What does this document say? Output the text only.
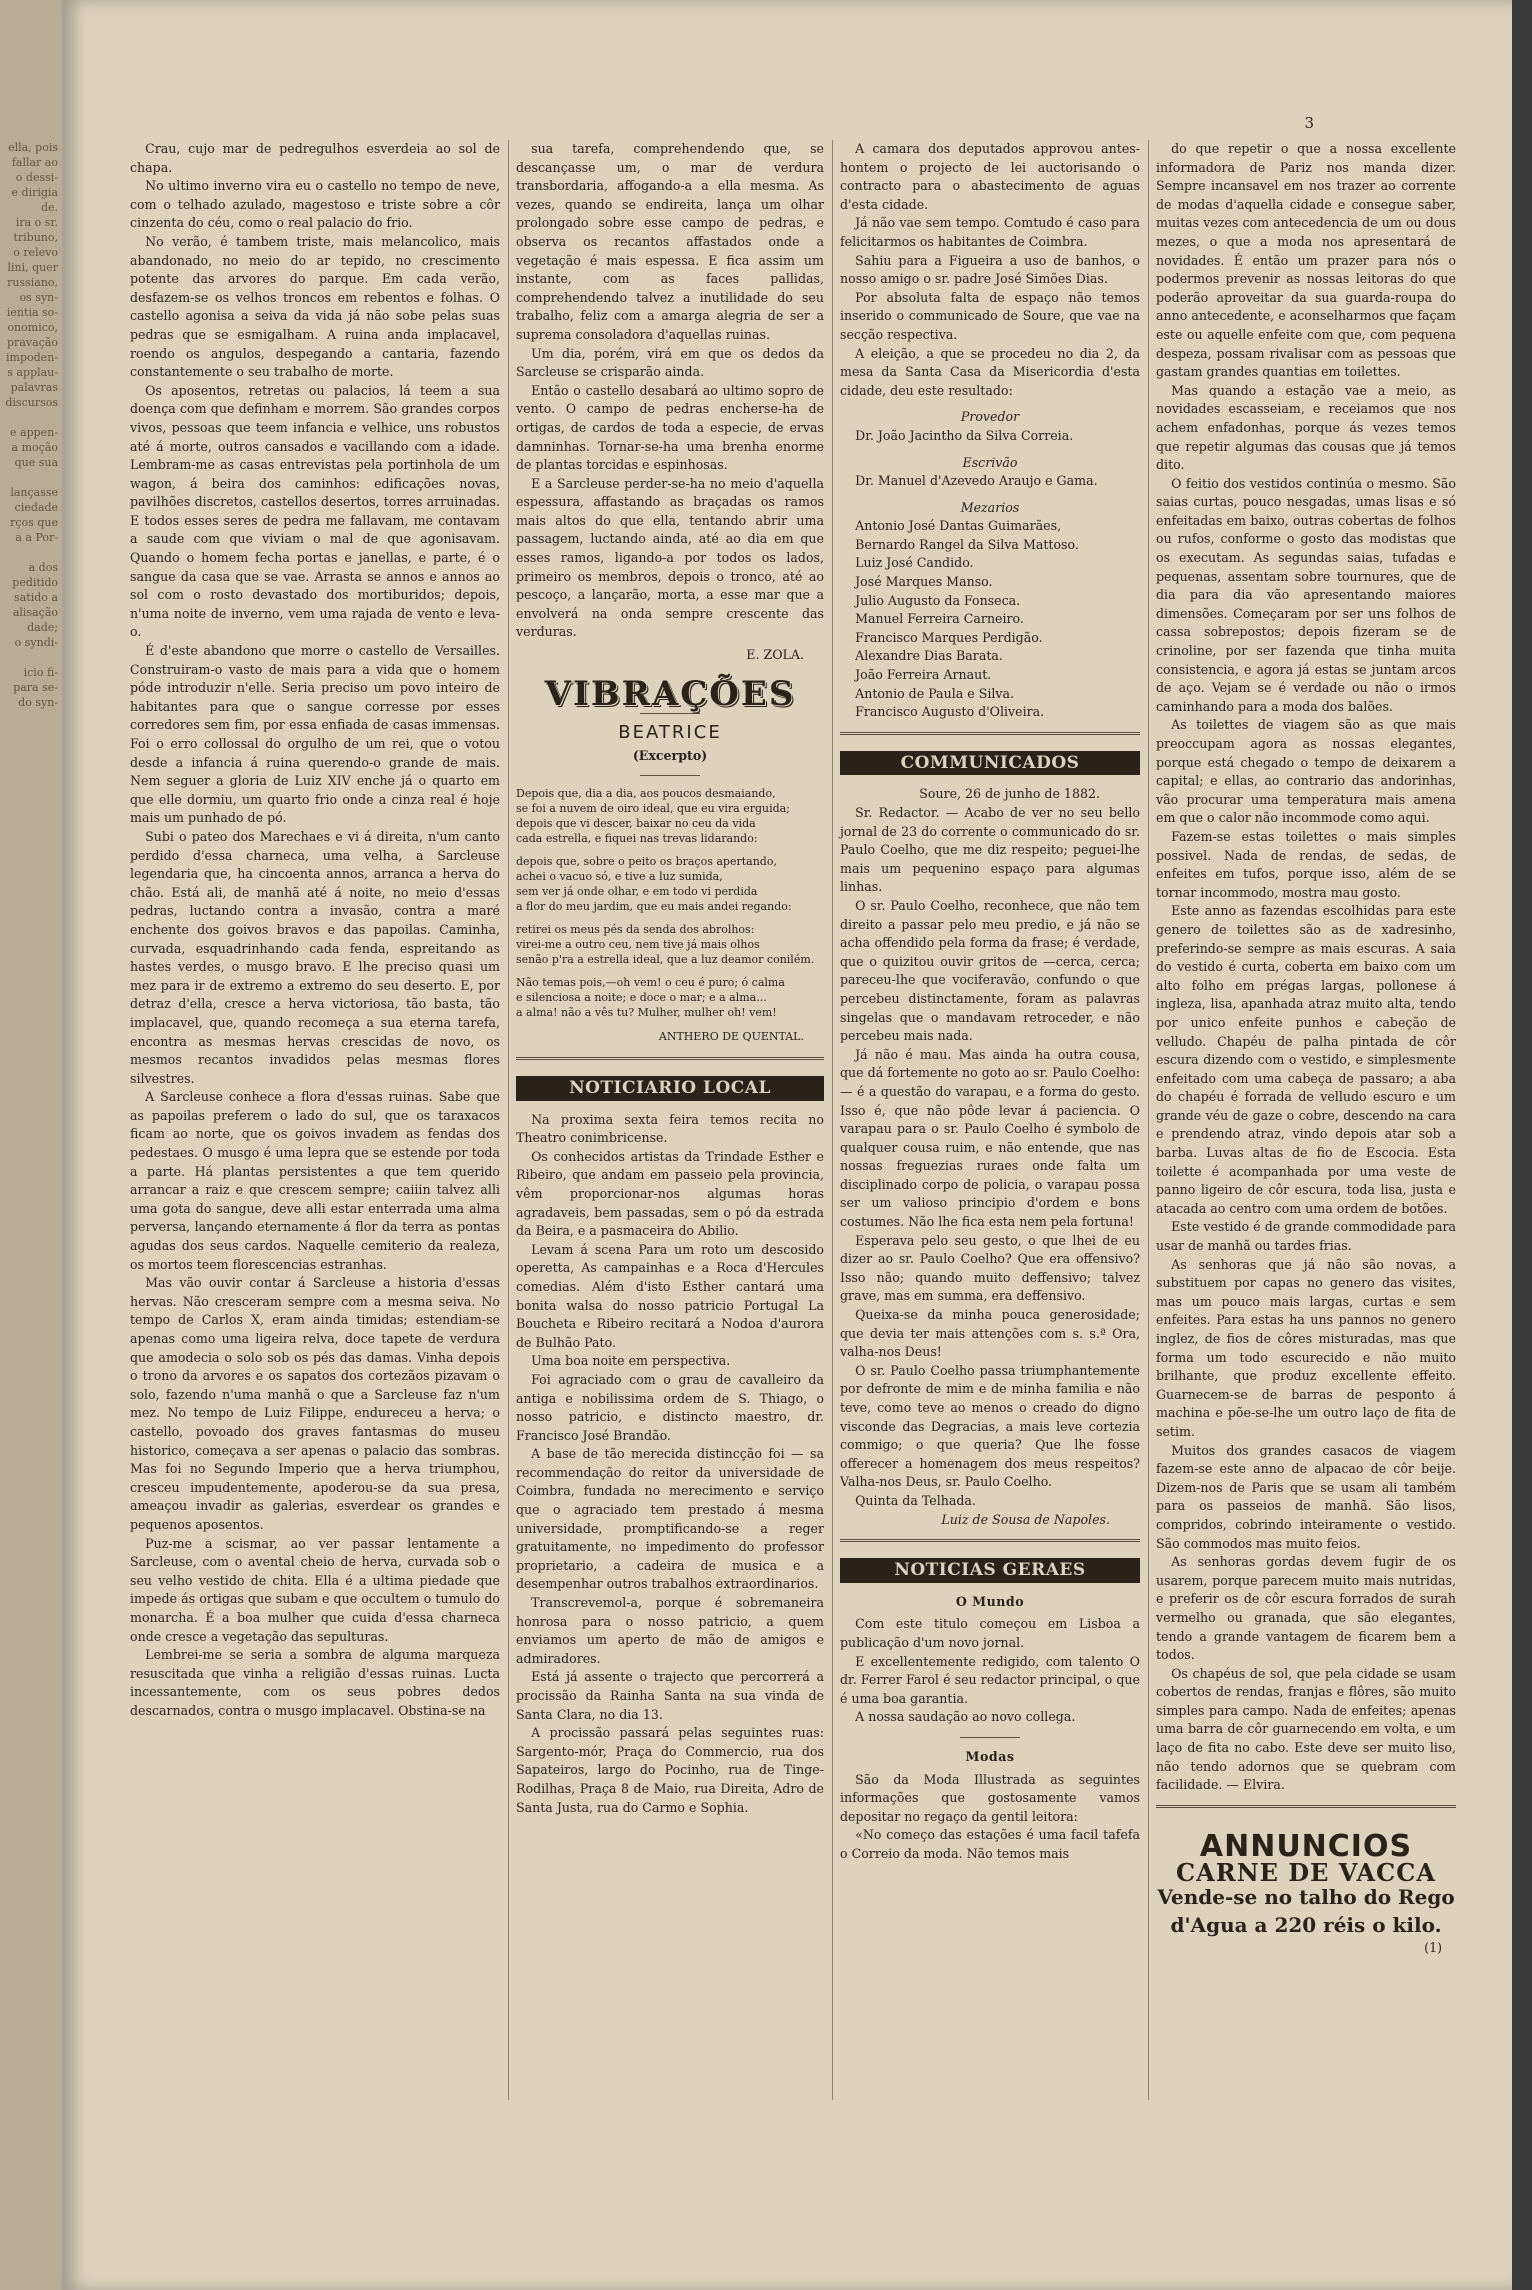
ella, pois
fallar ao
o dessi-
e dirigia
de.
ira o sr.
tribuno,
o relevo
lini, quer
russiano,
os syn-
ientia so-
onomico,
pravação
impoden-
s applau-
palavras
discursos

e appen-
a moção
que sua

lançasse
ciedade
rços que
a a Por-

a dos
peditido
satido a
alisação
dade;
o syndi-

icio fi-
para se-
do syn-
3

Crau, cujo mar de pedregulhos esverdeia ao sol de chapa.

No ultimo inverno vira eu o castello no tempo de neve, com o telhado azulado, magestoso e triste sobre a côr cinzenta do céu, como o real palacio do frio.

No verão, é tambem triste, mais melancolico, mais abandonado, no meio do ar tepido, no crescimento potente das arvores do parque. Em cada verão, desfazem-se os velhos troncos em rebentos e folhas. O castello agonisa a seiva da vida já não sobe pelas suas pedras que se esmigalham. A ruina anda implacavel, roendo os angulos, despegando a cantaria, fazendo constantemente o seu trabalho de morte.

Os aposentos, retretas ou palacios, lá teem a sua doença com que definham e morrem. São grandes corpos vivos, pessoas que teem infancia e velhice, uns robustos até á morte, outros cansados e vacillando com a idade. Lembram-me as casas entrevistas pela portinhola de um wagon, á beira dos caminhos: edificações novas, pavilhões discretos, castellos desertos, torres arruinadas. E todos esses seres de pedra me fallavam, me contavam a saude com que viviam o mal de que agonisavam. Quando o homem fecha portas e janellas, e parte, é o sangue da casa que se vae. Arrasta se annos e annos ao sol com o rosto devastado dos mortiburidos; depois, n'uma noite de inverno, vem uma rajada de vento e leva-o.

É d'este abandono que morre o castello de Versailles. Construiram-o vasto de mais para a vida que o homem póde introduzir n'elle. Seria preciso um povo inteiro de habitantes para que o sangue corresse por esses corredores sem fim, por essa enfiada de casas immensas. Foi o erro collossal do orgulho de um rei, que o votou desde a infancia á ruina querendo-o grande de mais. Nem seguer a gloria de Luiz XIV enche já o quarto em que elle dormiu, um quarto frio onde a cinza real é hoje mais um punhado de pó.

Subi o pateo dos Marechaes e vi á direita, n'um canto perdido d'essa charneca, uma velha, a Sarcleuse legendaria que, ha cincoenta annos, arranca a herva do chão. Está ali, de manhã até á noite, no meio d'essas pedras, luctando contra a invasão, contra a maré enchente dos goivos bravos e das papoilas. Caminha, curvada, esquadrinhando cada fenda, espreitando as hastes verdes, o musgo bravo. E lhe preciso quasi um mez para ir de extremo a extremo do seu deserto. E, por detraz d'ella, cresce a herva victoriosa, tão basta, tão implacavel, que, quando recomeça a sua eterna tarefa, encontra as mesmas hervas crescidas de novo, os mesmos recantos invadidos pelas mesmas flores silvestres.

A Sarcleuse conhece a flora d'essas ruinas. Sabe que as papoilas preferem o lado do sul, que os taraxacos ficam ao norte, que os goivos invadem as fendas dos pedestaes. O musgo é uma lepra que se estende por toda a parte. Há plantas persistentes a que tem querido arrancar a raiz e que crescem sempre; caiiin talvez alli uma gota do sangue, deve alli estar enterrada uma alma perversa, lançando eternamente á flor da terra as pontas agudas dos seus cardos. Naquelle cemiterio da realeza, os mortos teem florescencias estranhas.

Mas vão ouvir contar á Sarcleuse a historia d'essas hervas. Não cresceram sempre com a mesma seiva. No tempo de Carlos X, eram ainda timidas; estendiam-se apenas como uma ligeira relva, doce tapete de verdura que amodecia o solo sob os pés das damas. Vinha depois o trono da arvores e os sapatos dos cortezãos pizavam o solo, fazendo n'uma manhã o que a Sarcleuse faz n'um mez. No tempo de Luiz Filippe, endureceu a herva; o castello, povoado dos graves fantasmas do museu historico, começava a ser apenas o palacio das sombras. Mas foi no Segundo Imperio que a herva triumphou, cresceu impudentemente, apoderou-se da sua presa, ameaçou invadir as galerias, esverdear os grandes e pequenos aposentos.

Puz-me a scismar, ao ver passar lentamente a Sarcleuse, com o avental cheio de herva, curvada sob o seu velho vestido de chita. Ella é a ultima piedade que impede ás ortigas que subam e que occultem o tumulo do monarcha. É a boa mulher que cuida d'essa charneca onde cresce a vegetação das sepulturas.

Lembrei-me se seria a sombra de alguma marqueza resuscitada que vinha a religião d'essas ruinas. Lucta incessantemente, com os seus pobres dedos descarnados, contra o musgo implacavel. Obstina-se na

sua tarefa, comprehendendo que, se descançasse um, o mar de verdura transbordaria, affogando-a a ella mesma. As vezes, quando se endireita, lança um olhar prolongado sobre esse campo de pedras, e observa os recantos affastados onde a vegetação é mais espessa. E fica assim um instante, com as faces pallidas, comprehendendo talvez a inutilidade do seu trabalho, feliz com a amarga alegria de ser a suprema consoladora d'aquellas ruinas.

Um dia, porém, virá em que os dedos da Sarcleuse se crisparão ainda.

Então o castello desabará ao ultimo sopro de vento. O campo de pedras encherse-ha de ortigas, de cardos de toda a especie, de ervas damninhas. Tornar-se-ha uma brenha enorme de plantas torcidas e espinhosas.

E a Sarcleuse perder-se-ha no meio d'aquella espessura, affastando as braçadas os ramos mais altos do que ella, tentando abrir uma passagem, luctando ainda, até ao dia em que esses ramos, ligando-a por todos os lados, primeiro os membros, depois o tronco, até ao pescoço, a lançarão, morta, a esse mar que a envolverá na onda sempre crescente das verduras.

E. ZOLA.

VIBRAÇÕES
BEATRICE
(Excerpto)
Depois que, dia a dia, aos poucos desmaiando,
se foi a nuvem de oiro ideal, que eu vira erguida;
depois que vi descer, baixar no ceu da vida
cada estrella, e fiquei nas trevas lidarando:
depois que, sobre o peito os braços apertando,
achei o vacuo só, e tive a luz sumida,
sem ver já onde olhar, e em todo vi perdida
a flor do meu jardim, que eu mais andei regando:
retirei os meus pés da senda dos abrolhos:
virei-me a outro ceu, nem tive já mais olhos
senão p'ra a estrella ideal, que a luz deamor conilém.
Não temas pois,—oh vem! o ceu é puro; ó calma
e silenciosa a noite; e doce o mar; e a alma...
a alma! não a vês tu? Mulher, mulher oh! vem!

ANTHERO DE QUENTAL.

NOTICIARIO LOCAL

Na proxima sexta feira temos recita no Theatro conimbricense.

Os conhecidos artistas da Trindade Esther e Ribeiro, que andam em passeio pela provincia, vêm proporcionar-nos algumas horas agradaveis, bem passadas, sem o pó da estrada da Beira, e a pasmaceira do Abilio.

Levam á scena Para um roto um descosido operetta, As campainhas e a Roca d'Hercules comedias. Além d'isto Esther cantará uma bonita walsa do nosso patricio Portugal La Boucheta e Ribeiro recitará a Nodoa d'aurora de Bulhão Pato.

Uma boa noite em perspectiva.

Foi agraciado com o grau de cavalleiro da antiga e nobilissima ordem de S. Thiago, o nosso patricio, e distincto maestro, dr. Francisco José Brandão.

A base de tão merecida distincção foi — sa recommendação do reitor da universidade de Coimbra, fundada no merecimento e serviço que o agraciado tem prestado á mesma universidade, promptificando-se a reger gratuitamente, no impedimento do professor proprietario, a cadeira de musica e a desempenhar outros trabalhos extraordinarios.

Transcrevemol-a, porque é sobremaneira honrosa para o nosso patricio, a quem enviamos um aperto de mão de amigos e admiradores.

Está já assente o trajecto que percorrerá a procissão da Rainha Santa na sua vinda de Santa Clara, no dia 13.

A procissão passará pelas seguintes ruas: Sargento-mór, Praça do Commercio, rua dos Sapateiros, largo do Pocinho, rua de Tinge-Rodilhas, Praça 8 de Maio, rua Direita, Adro de Santa Justa, rua do Carmo e Sophia.

A camara dos deputados approvou antes-hontem o projecto de lei auctorisando o contracto para o abastecimento de aguas d'esta cidade.

Já não vae sem tempo. Comtudo é caso para felicitarmos os habitantes de Coimbra.

Sahiu para a Figueira a uso de banhos, o nosso amigo o sr. padre José Simões Dias.

Por absoluta falta de espaço não temos inserido o communicado de Soure, que vae na secção respectiva.

A eleição, a que se procedeu no dia 2, da mesa da Santa Casa da Misericordia d'esta cidade, deu este resultado:

Provedor

Dr. João Jacintho da Silva Correia.

Escrivão

Dr. Manuel d'Azevedo Araujo e Gama.

Mezarios

Antonio José Dantas Guimarães,
Bernardo Rangel da Silva Mattoso.
Luiz José Candido.
José Marques Manso.
Julio Augusto da Fonseca.
Manuel Ferreira Carneiro.
Francisco Marques Perdigão.
Alexandre Dias Barata.
João Ferreira Arnaut.
Antonio de Paula e Silva.
Francisco Augusto d'Oliveira.
COMMUNICADOS

Soure, 26 de junho de 1882.

Sr. Redactor. — Acabo de ver no seu bello jornal de 23 do corrente o communicado do sr. Paulo Coelho, que me diz respeito; peguei-lhe mais um pequenino espaço para algumas linhas.

O sr. Paulo Coelho, reconhece, que não tem direito a passar pelo meu predio, e já não se acha offendido pela forma da frase; é verdade, que o quizitou ouvir gritos de —cerca, cerca; pareceu-lhe que vociferavão, confundo o que percebeu distinctamente, foram as palavras singelas que o mandavam retroceder, e não percebeu mais nada.

Já não é mau. Mas ainda ha outra cousa, que dá fortemente no goto ao sr. Paulo Coelho: — é a questão do varapau, e a forma do gesto. Isso é, que não pôde levar á paciencia. O varapau para o sr. Paulo Coelho é symbolo de qualquer cousa ruim, e não entende, que nas nossas freguezias ruraes onde falta um disciplinado corpo de policia, o varapau possa ser um valioso principio d'ordem e bons costumes. Não lhe fica esta nem pela fortuna!

Esperava pelo seu gesto, o que lhei de eu dizer ao sr. Paulo Coelho? Que era offensivo? Isso não; quando muito deffensivo; talvez grave, mas em summa, era deffensivo.

Queixa-se da minha pouca generosidade; que devia ter mais attenções com s. s.ª Ora, valha-nos Deus!

O sr. Paulo Coelho passa triumphantemente por defronte de mim e de minha familia e não teve, como teve ao menos o creado do digno visconde das Degracias, a mais leve cortezia commigo; o que queria? Que lhe fosse offerecer a homenagem dos meus respeitos? Valha-nos Deus, sr. Paulo Coelho.

Quinta da Telhada.

Luiz de Sousa de Napoles.

NOTICIAS GERAES
O Mundo

Com este titulo começou em Lisboa a publicação d'um novo jornal.

E excellentemente redigido, com talento O dr. Ferrer Farol é seu redactor principal, o que é uma boa garantia.

A nossa saudação ao novo collega.

Modas

São da Moda Illustrada as seguintes informações que gostosamente vamos depositar no regaço da gentil leitora:

«No começo das estações é uma facil tafefa o Correio da moda. Não temos mais

do que repetir o que a nossa excellente informadora de Pariz nos manda dizer. Sempre incansavel em nos trazer ao corrente de modas d'aquella cidade e consegue saber, muitas vezes com antecedencia de um ou dous mezes, o que a moda nos apresentará de novidades. É então um prazer para nós o podermos prevenir as nossas leitoras do que poderão aproveitar da sua guarda-roupa do anno antecedente, e aconselharmos que façam este ou aquelle enfeite com que, com pequena despeza, possam rivalisar com as pessoas que gastam grandes quantias em toilettes.

Mas quando a estação vae a meio, as novidades escasseiam, e receiamos que nos achem enfadonhas, porque ás vezes temos que repetir algumas das cousas que já temos dito.

O feitio dos vestidos continúa o mesmo. São saias curtas, pouco nesgadas, umas lisas e só enfeitadas em baixo, outras cobertas de folhos ou rufos, conforme o gosto das modistas que os executam. As segundas saias, tufadas e pequenas, assentam sobre tournures, que de dia para dia vão apresentando maiores dimensões. Começaram por ser uns folhos de cassa sobrepostos; depois fizeram se de crinoline, por ser fazenda que tinha muita consistencia, e agora já estas se juntam arcos de aço. Vejam se é verdade ou não o irmos caminhando para a moda dos balões.

As toilettes de viagem são as que mais preoccupam agora as nossas elegantes, porque está chegado o tempo de deixarem a capital; e ellas, ao contrario das andorinhas, vão procurar uma temperatura mais amena em que o calor não incommode como aqui.

Fazem-se estas toilettes o mais simples possivel. Nada de rendas, de sedas, de enfeites em tufos, porque isso, além de se tornar incommodo, mostra mau gosto.

Este anno as fazendas escolhidas para este genero de toilettes são as de xadresinho, preferindo-se sempre as mais escuras. A saia do vestido é curta, coberta em baixo com um alto folho em prégas largas, pollonese á ingleza, lisa, apanhada atraz muito alta, tendo por unico enfeite punhos e cabeção de velludo. Chapéu de palha pintada de côr escura dizendo com o vestido, e simplesmente enfeitado com uma cabeça de passaro; a aba do chapéu é forrada de velludo escuro e um grande véu de gaze o cobre, descendo na cara e prendendo atraz, vindo depois atar sob a barba. Luvas altas de fio de Escocia. Esta toilette é acompanhada por uma veste de panno ligeiro de côr escura, toda lisa, justa e atacada ao centro com uma ordem de botões.

Este vestido é de grande commodidade para usar de manhã ou tardes frias.

As senhoras que já não são novas, a substituem por capas no genero das visites, mas um pouco mais largas, curtas e sem enfeites. Para estas ha uns pannos no genero inglez, de fios de côres misturadas, mas que forma um todo escurecido e não muito brilhante, que produz excellente effeito. Guarnecem-se de barras de pesponto á machina e põe-se-lhe um outro laço de fita de setim.

Muitos dos grandes casacos de viagem fazem-se este anno de alpacao de côr beije. Dizem-nos de Paris que se usam ali também para os passeios de manhã. São lisos, compridos, cobrindo inteiramente o vestido. São commodos mas muito feios.

As senhoras gordas devem fugir de os usarem, porque parecem muito mais nutridas, e preferir os de côr escura forrados de surah vermelho ou granada, que são elegantes, tendo a grande vantagem de ficarem bem a todos.

Os chapéus de sol, que pela cidade se usam cobertos de rendas, franjas e flôres, são muito simples para campo. Nada de enfeites; apenas uma barra de côr guarnecendo em volta, e um laço de fita no cabo. Este deve ser muito liso, não tendo adornos que se quebram com facilidade. — Elvira.

ANNUNCIOS
CARNE DE VACCA
Vende-se no talho do Rego
d'Agua a 220 réis o kilo.

(1)
